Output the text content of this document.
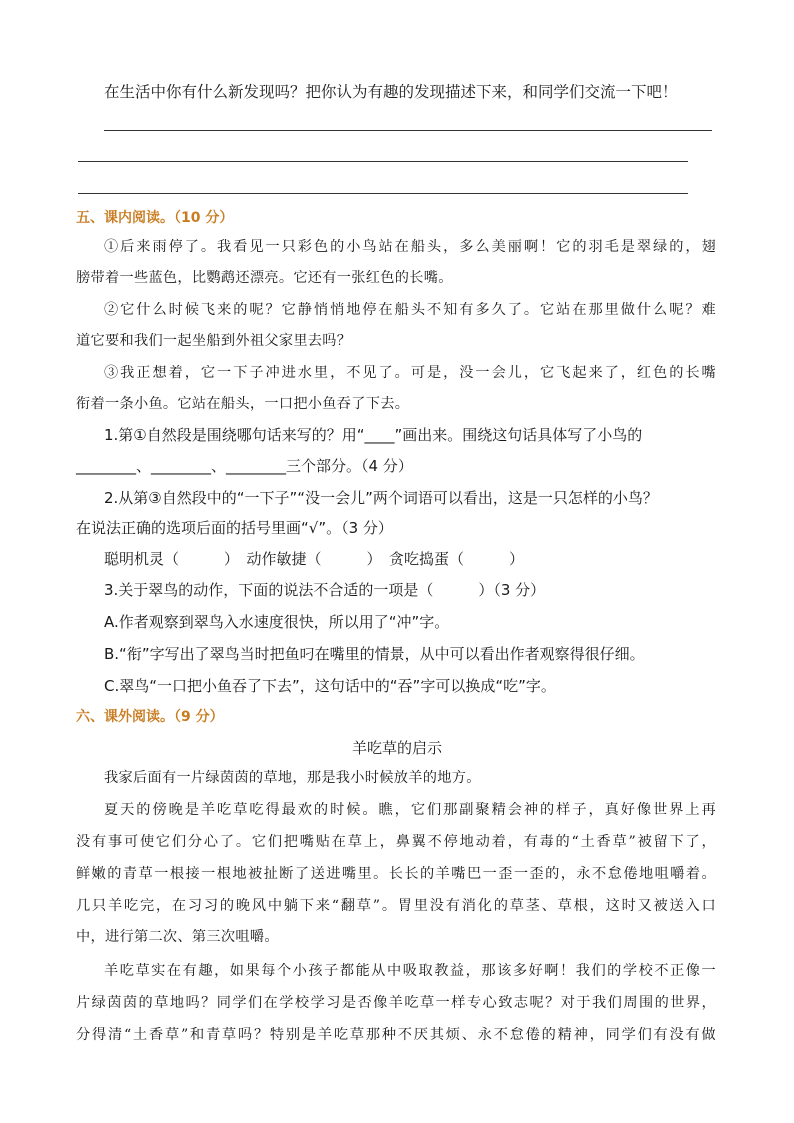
在生活中你有什么新发现吗？把你认为有趣的发现描述下来，和同学们交流一下吧！
五、课内阅读。（10 分）
①后来雨停了。我看见一只彩色的小鸟站在船头，多么美丽啊！它的羽毛是翠绿的，翅
膀带着一些蓝色，比鹦鹉还漂亮。它还有一张红色的长嘴。
②它什么时候飞来的呢？它静悄悄地停在船头不知有多久了。它站在那里做什么呢？难
道它要和我们一起坐船到外祖父家里去吗？
③我正想着，它一下子冲进水里，不见了。可是，没一会儿，它飞起来了，红色的长嘴
衔着一条小鱼。它站在船头，一口把小鱼吞了下去。
1.第①自然段是围绕哪句话来写的？用“____”画出来。围绕这句话具体写了小鸟的
________、________、________三个部分。（4 分）
2.从第③自然段中的“一下子”“没一会儿”两个词语可以看出，这是一只怎样的小鸟？
在说法正确的选项后面的括号里画“√”。（3 分）
聪明机灵（　　　）　动作敏捷（　　　）　贪吃捣蛋（　　　）
3.关于翠鸟的动作，下面的说法不合适的一项是（　　　）（3 分）
A.作者观察到翠鸟入水速度很快，所以用了“冲”字。
B.“衔”字写出了翠鸟当时把鱼叼在嘴里的情景，从中可以看出作者观察得很仔细。
C.翠鸟“一口把小鱼吞了下去”，这句话中的“吞”字可以换成“吃”字。
六、课外阅读。（9 分）
羊吃草的启示
我家后面有一片绿茵茵的草地，那是我小时候放羊的地方。
夏天的傍晚是羊吃草吃得最欢的时候。瞧，它们那副聚精会神的样子，真好像世界上再
没有事可使它们分心了。它们把嘴贴在草上，鼻翼不停地动着，有毒的“土香草”被留下了，
鲜嫩的青草一根接一根地被扯断了送进嘴里。长长的羊嘴巴一歪一歪的，永不怠倦地咀嚼着。
几只羊吃完，在习习的晚风中躺下来“翻草”。胃里没有消化的草茎、草根，这时又被送入口
中，进行第二次、第三次咀嚼。
羊吃草实在有趣，如果每个小孩子都能从中吸取教益，那该多好啊！我们的学校不正像一
片绿茵茵的草地吗？同学们在学校学习是否像羊吃草一样专心致志呢？对于我们周围的世界，
分得清“土香草”和青草吗？特别是羊吃草那种不厌其烦、永不怠倦的精神，同学们有没有做
